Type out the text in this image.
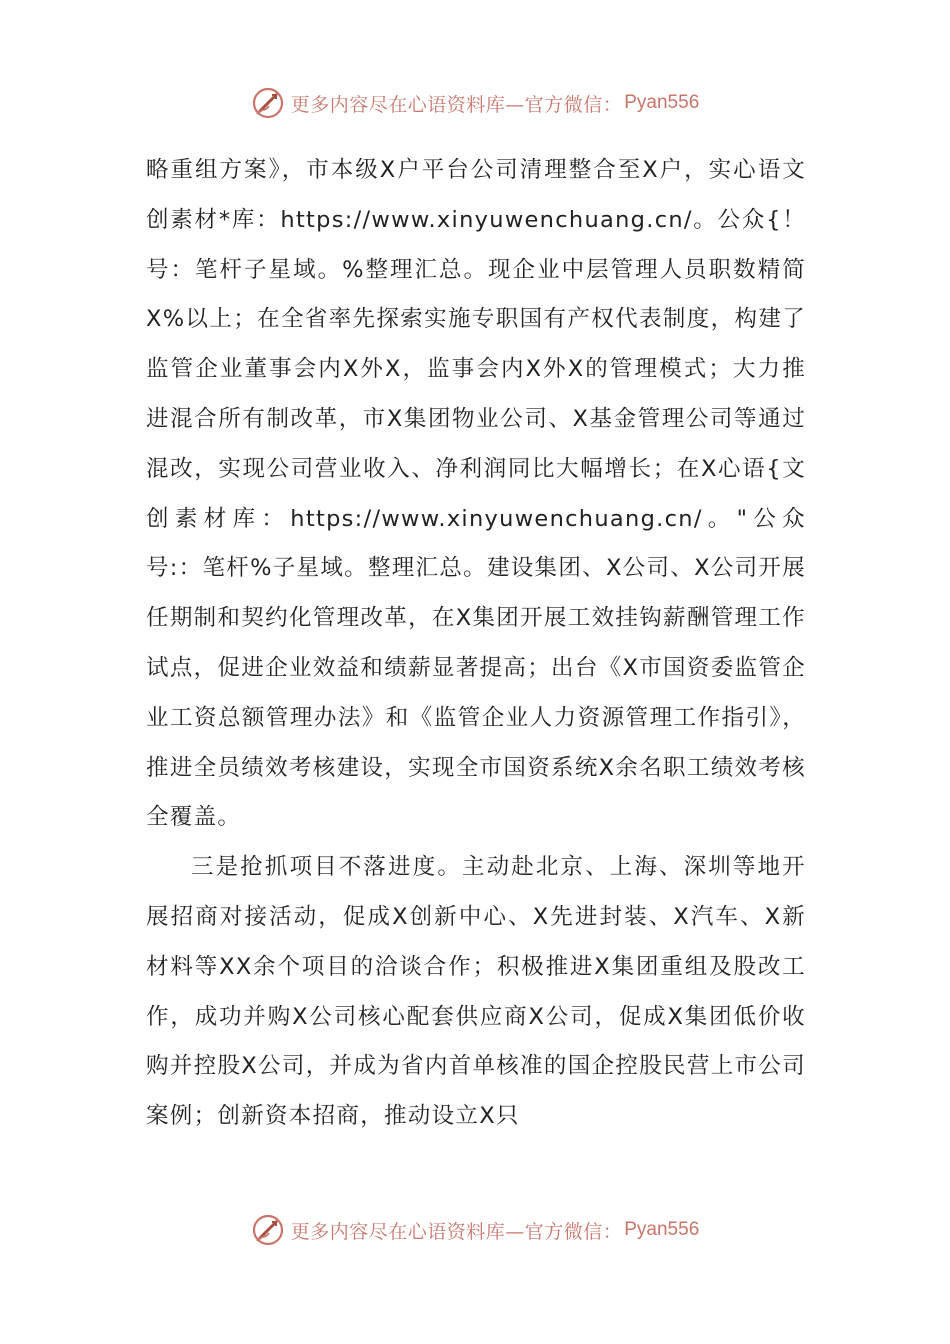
更多内容尽在心语资料库—官方微信： Pyan556

略重组方案》，市本级X户平台公司清理整合至X户，实心语文创素材*库：https://www.xinyuwenchuang.cn/。公众{！号：笔杆子星域。%整理汇总。现企业中层管理人员职数精简X%以上；在全省率先探索实施专职国有产权代表制度，构建了监管企业董事会内X外X，监事会内X外X的管理模式；大力推进混合所有制改革，市X集团物业公司、X基金管理公司等通过混改，实现公司营业收入、净利润同比大幅增长；在X心语{文创素材库：https://www.xinyuwenchuang.cn/。"公众号:：笔杆%子星域。整理汇总。建设集团、X公司、X公司开展任期制和契约化管理改革，在X集团开展工效挂钩薪酬管理工作试点，促进企业效益和绩薪显著提高；出台《X市国资委监管企业工资总额管理办法》和《监管企业人力资源管理工作指引》，推进全员绩效考核建设，实现全市国资系统X余名职工绩效考核全覆盖。

三是抢抓项目不落进度。主动赴北京、上海、深圳等地开展招商对接活动，促成X创新中心、X先进封装、X汽车、X新材料等XX余个项目的洽谈合作；积极推进X集团重组及股改工作，成功并购X公司核心配套供应商X公司，促成X集团低价收购并控股X公司，并成为省内首单核准的国企控股民营上市公司案例；创新资本招商，推动设立X只

更多内容尽在心语资料库—官方微信： Pyan556
